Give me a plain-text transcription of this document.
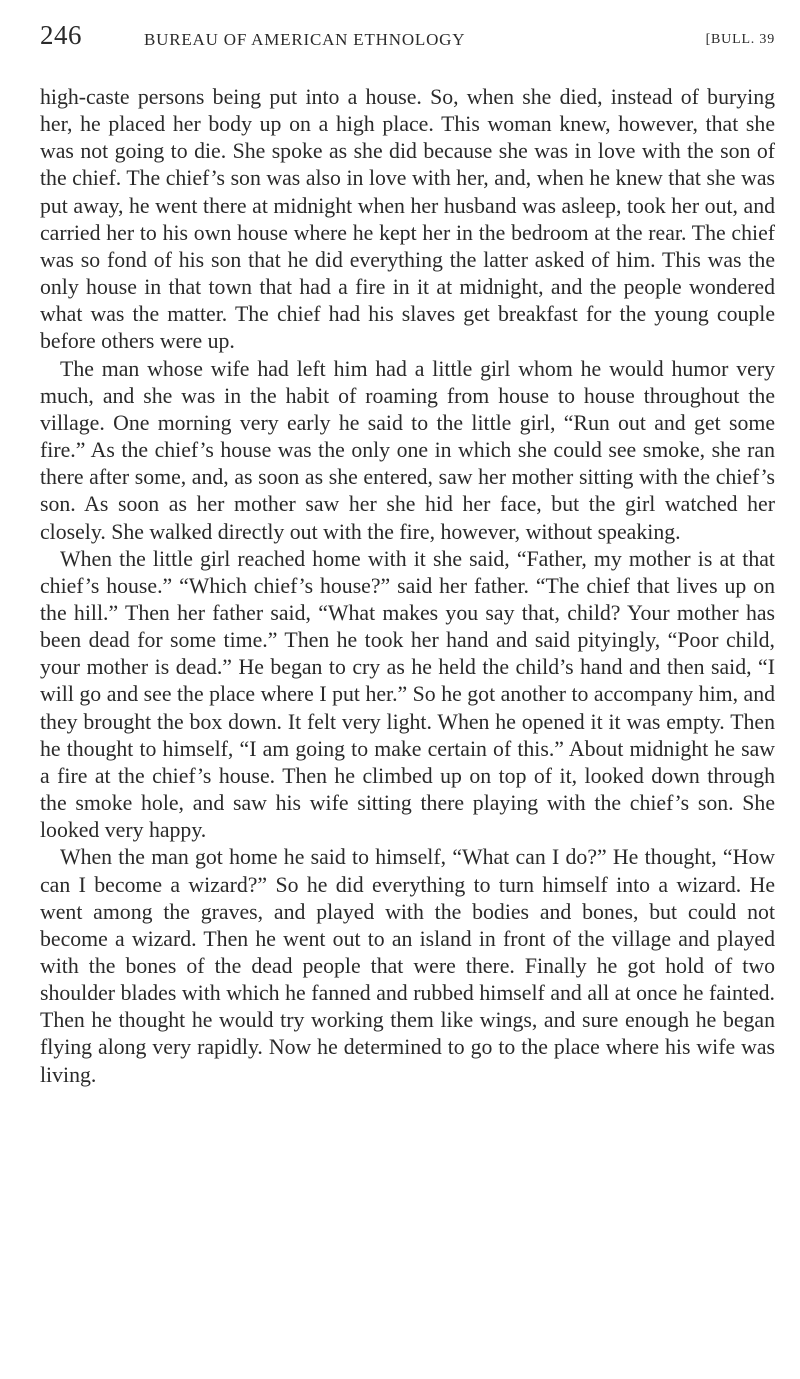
246	BUREAU OF AMERICAN ETHNOLOGY	[BULL. 39

high-caste persons being put into a house. So, when she died, instead of burying her, he placed her body up on a high place. This woman knew, however, that she was not going to die. She spoke as she did because she was in love with the son of the chief. The chief’s son was also in love with her, and, when he knew that she was put away, he went there at midnight when her husband was asleep, took her out, and carried her to his own house where he kept her in the bedroom at the rear. The chief was so fond of his son that he did everything the latter asked of him. This was the only house in that town that had a fire in it at midnight, and the people wondered what was the matter. The chief had his slaves get breakfast for the young couple before others were up.

The man whose wife had left him had a little girl whom he would humor very much, and she was in the habit of roaming from house to house throughout the village. One morning very early he said to the little girl, “Run out and get some fire.” As the chief’s house was the only one in which she could see smoke, she ran there after some, and, as soon as she entered, saw her mother sitting with the chief’s son. As soon as her mother saw her she hid her face, but the girl watched her closely. She walked directly out with the fire, however, without speaking.

When the little girl reached home with it she said, “Father, my mother is at that chief’s house.” “Which chief’s house?” said her father. “The chief that lives up on the hill.” Then her father said, “What makes you say that, child? Your mother has been dead for some time.” Then he took her hand and said pityingly, “Poor child, your mother is dead.” He began to cry as he held the child’s hand and then said, “I will go and see the place where I put her.” So he got another to accompany him, and they brought the box down. It felt very light. When he opened it it was empty. Then he thought to himself, “I am going to make certain of this.” About midnight he saw a fire at the chief’s house. Then he climbed up on top of it, looked down through the smoke hole, and saw his wife sitting there playing with the chief’s son. She looked very happy.

When the man got home he said to himself, “What can I do?” He thought, “How can I become a wizard?” So he did everything to turn himself into a wizard. He went among the graves, and played with the bodies and bones, but could not become a wizard. Then he went out to an island in front of the village and played with the bones of the dead people that were there. Finally he got hold of two shoulder blades with which he fanned and rubbed himself and all at once he fainted. Then he thought he would try working them like wings, and sure enough he began flying along very rapidly. Now he determined to go to the place where his wife was living.
